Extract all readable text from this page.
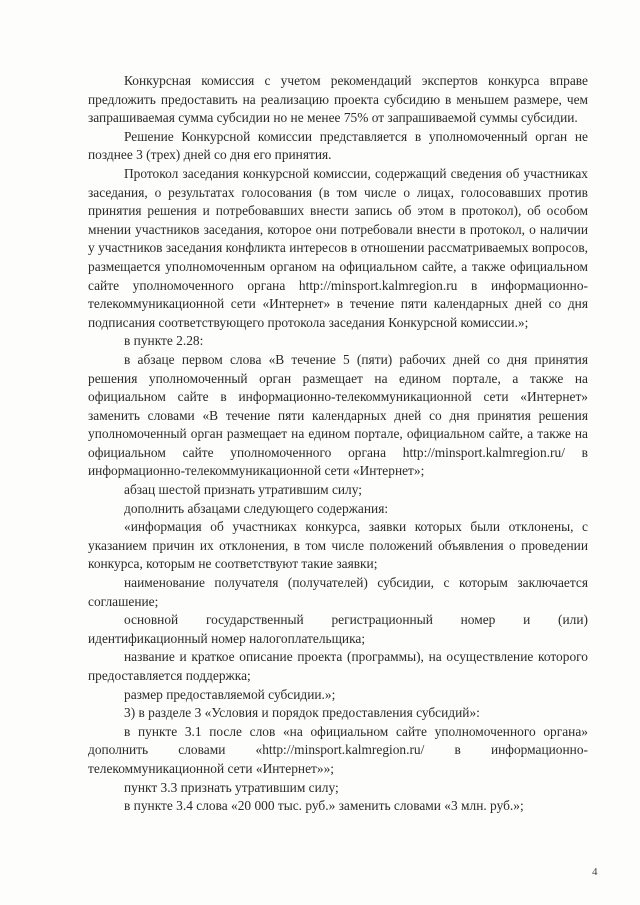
Конкурсная комиссия с учетом рекомендаций экспертов конкурса вправе предложить предоставить на реализацию проекта субсидию в меньшем размере, чем запрашиваемая сумма субсидии но не менее 75% от запрашиваемой суммы субсидии.

Решение Конкурсной комиссии представляется в уполномоченный орган не позднее 3 (трех) дней со дня его принятия.

Протокол заседания конкурсной комиссии, содержащий сведения об участниках заседания, о результатах голосования (в том числе о лицах, голосовавших против принятия решения и потребовавших внести запись об этом в протокол), об особом мнении участников заседания, которое они потребовали внести в протокол, о наличии у участников заседания конфликта интересов в отношении рассматриваемых вопросов, размещается уполномоченным органом на официальном сайте, а также официальном сайте уполномоченного органа http://minsport.kalmregion.ru в информационно-телекоммуникационной сети «Интернет» в течение пяти календарных дней со дня подписания соответствующего протокола заседания Конкурсной комиссии.»;

в пункте 2.28:

в абзаце первом слова «В течение 5 (пяти) рабочих дней со дня принятия решения уполномоченный орган размещает на едином портале, а также на официальном сайте в информационно-телекоммуникационной сети «Интернет» заменить словами «В течение пяти календарных дней со дня принятия решения уполномоченный орган размещает на едином портале, официальном сайте, а также на официальном сайте уполномоченного органа http://minsport.kalmregion.ru/ в информационно-телекоммуникационной сети «Интернет»;

абзац шестой признать утратившим силу;

дополнить абзацами следующего содержания:

«информация об участниках конкурса, заявки которых были отклонены, с указанием причин их отклонения, в том числе положений объявления о проведении конкурса, которым не соответствуют такие заявки;

наименование получателя (получателей) субсидии, с которым заключается соглашение;

основной государственный регистрационный номер и (или) идентификационный номер налогоплательщика;

название и краткое описание проекта (программы), на осуществление которого предоставляется поддержка;

размер предоставляемой субсидии.»;

3) в разделе 3 «Условия и порядок предоставления субсидий»:

в пункте 3.1 после слов «на официальном сайте уполномоченного органа» дополнить словами «http://minsport.kalmregion.ru/ в информационно-телекоммуникационной сети «Интернет»»;

пункт 3.3 признать утратившим силу;

в пункте 3.4 слова «20 000 тыс. руб.» заменить словами «3 млн. руб.»;

4
